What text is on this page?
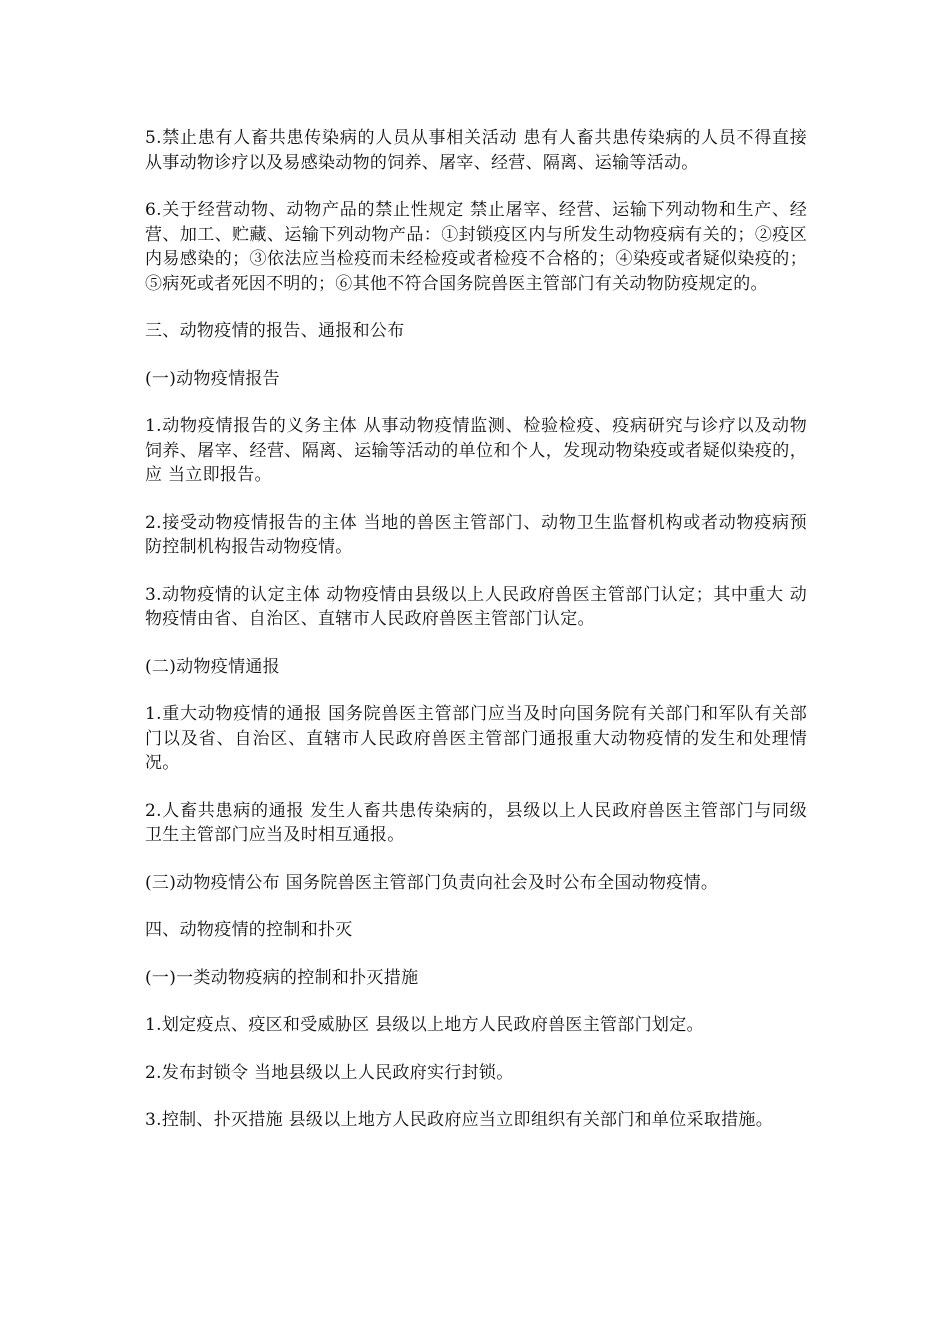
5.禁止患有人畜共患传染病的人员从事相关活动 患有人畜共患传染病的人员不得直接从事动物诊疗以及易感染动物的饲养、屠宰、经营、隔离、运输等活动。

6.关于经营动物、动物产品的禁止性规定 禁止屠宰、经营、运输下列动物和生产、经营、加工、贮藏、运输下列动物产品：①封锁疫区内与所发生动物疫病有关的；②疫区内易感染的；③依法应当检疫而未经检疫或者检疫不合格的；④染疫或者疑似染疫的；⑤病死或者死因不明的；⑥其他不符合国务院兽医主管部门有关动物防疫规定的。

三、动物疫情的报告、通报和公布

(一)动物疫情报告

1.动物疫情报告的义务主体 从事动物疫情监测、检验检疫、疫病研究与诊疗以及动物饲养、屠宰、经营、隔离、运输等活动的单位和个人，发现动物染疫或者疑似染疫的，应 当立即报告。

2.接受动物疫情报告的主体 当地的兽医主管部门、动物卫生监督机构或者动物疫病预防控制机构报告动物疫情。

3.动物疫情的认定主体 动物疫情由县级以上人民政府兽医主管部门认定；其中重大 动物疫情由省、自治区、直辖市人民政府兽医主管部门认定。

(二)动物疫情通报

1.重大动物疫情的通报 国务院兽医主管部门应当及时向国务院有关部门和军队有关部门以及省、自治区、直辖市人民政府兽医主管部门通报重大动物疫情的发生和处理情况。

2.人畜共患病的通报 发生人畜共患传染病的，县级以上人民政府兽医主管部门与同级卫生主管部门应当及时相互通报。

(三)动物疫情公布 国务院兽医主管部门负责向社会及时公布全国动物疫情。

四、动物疫情的控制和扑灭

(一)一类动物疫病的控制和扑灭措施

1.划定疫点、疫区和受威胁区 县级以上地方人民政府兽医主管部门划定。

2.发布封锁令 当地县级以上人民政府实行封锁。

3.控制、扑灭措施 县级以上地方人民政府应当立即组织有关部门和单位采取措施。
